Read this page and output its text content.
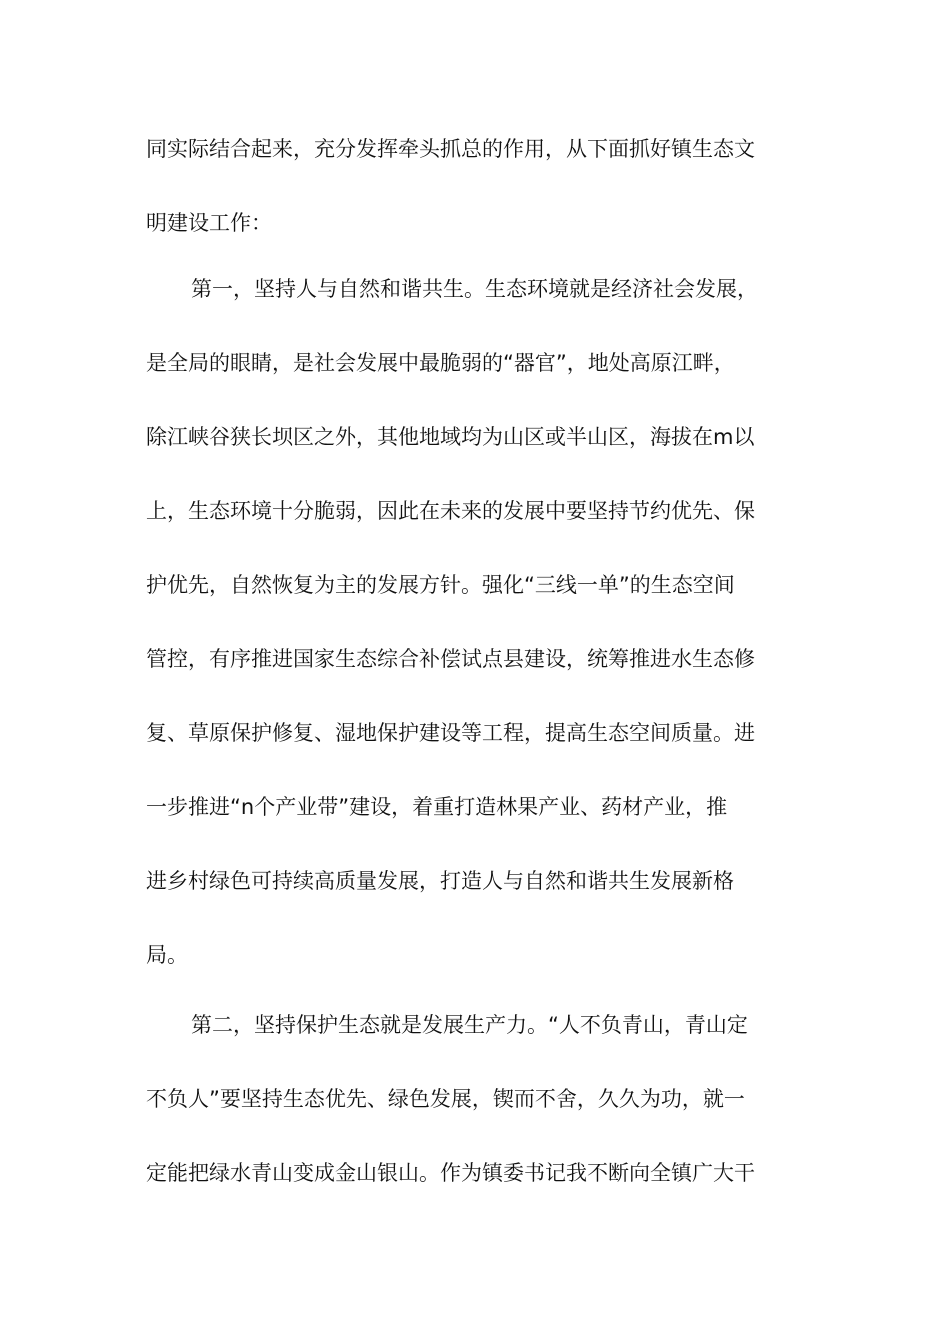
同实际结合起来，充分发挥牵头抓总的作用，从下面抓好镇生态文
明建设工作：
第一，坚持人与自然和谐共生。生态环境就是经济社会发展，
是全局的眼睛，是社会发展中最脆弱的“器官”，地处高原江畔，
除江峡谷狭长坝区之外，其他地域均为山区或半山区，海拔在m以
上，生态环境十分脆弱，因此在未来的发展中要坚持节约优先、保
护优先，自然恢复为主的发展方针。强化“三线一单”的生态空间
管控，有序推进国家生态综合补偿试点县建设，统筹推进水生态修
复、草原保护修复、湿地保护建设等工程，提高生态空间质量。进
一步推进“n个产业带”建设，着重打造林果产业、药材产业，推
进乡村绿色可持续高质量发展，打造人与自然和谐共生发展新格
局。
第二，坚持保护生态就是发展生产力。“人不负青山，青山定
不负人”要坚持生态优先、绿色发展，锲而不舍，久久为功，就一
定能把绿水青山变成金山银山。作为镇委书记我不断向全镇广大干
